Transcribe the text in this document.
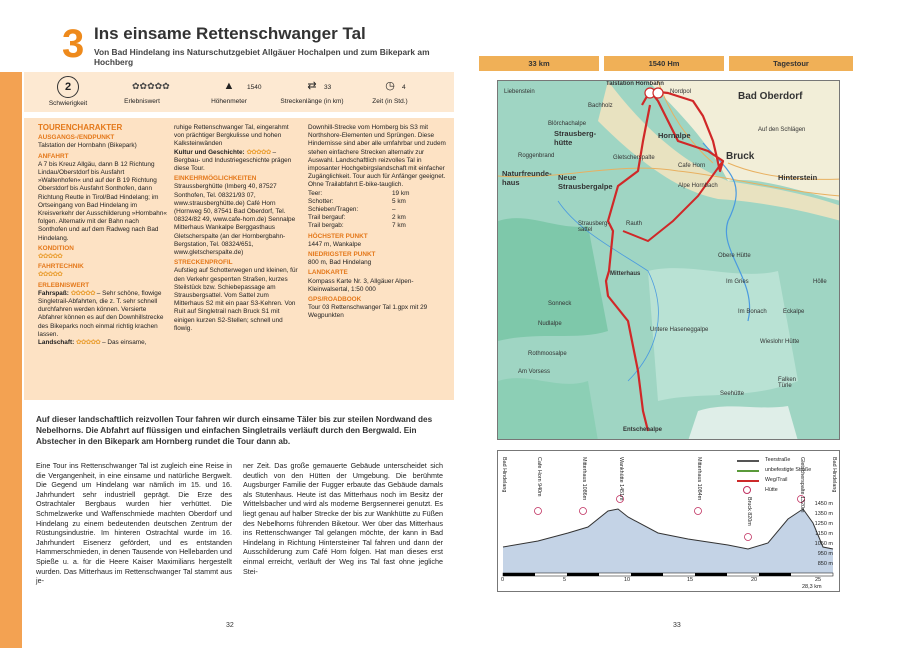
3 Ins einsame Rettenschwanger Tal
Von Bad Hindelang ins Naturschutzgebiet Allgäuer Hochalpen und zum Bikepark am Hochberg
2
Schwierigkeit
✿✿✿✿✿
Erlebniswert
▲	1540
Höhenmeter
⇄	33
Streckenlänge (in km)
◷	4
Zeit (in Std.)
TOURENCHARAKTER
AUSGANGS-/ENDPUNKT
Talstation der Hornbahn (Bikepark)
ANFAHRT
A 7 bis Kreuz Allgäu, dann B 12 Richtung Lindau/Oberstdorf bis Ausfahrt »Waltenhofen« und auf der B 19 Richtung Oberstdorf bis Ausfahrt Sonthofen, dann Richtung Reutte in Tirol/Bad Hindelang; im Ortseingang von Bad Hindelang im Kreisverkehr der Ausschilderung »Hornbahn« folgen. Alternativ mit der Bahn nach Sonthofen und auf dem Radweg nach Bad Hindelang.
KONDITION
✿✿✿✿✿
FAHRTECHNIK
✿✿✿✿✿
ERLEBNISWERT
Fahrspaß: ✿✿✿✿✿ – Sehr schöne, flowige Singletrail-Abfahrten, die z. T. sehr schnell durchfahren werden können. Versierte Abfahrer können es auf den Downhillstrecke des Bikeparks noch einmal richtig krachen lassen.
Landschaft: ✿✿✿✿✿ – Das einsame,
ruhige Rettenschwanger Tal, eingerahmt von prächtiger Bergkulisse und hohen Kalksteinwänden
Kultur und Geschichte: ✿✿✿✿✿ – Bergbau- und Industriegeschichte prägen diese Tour.
EINKEHRMÖGLICHKEITEN
Straussberghütte (Imberg 40, 87527 Sonthofen, Tel. 08321/93 07, www.strausberghütte.de) Café Horn (Hornweg 50, 87541 Bad Oberdorf, Tel. 08324/82 49, www.cafe-horn.de) Sennalpe Mitterhaus Wankalpe Berggasthaus Gletscherspalte (an der Hornbergbahn-Bergstation, Tel. 08324/651, www.gletscherspalte.de)
STRECKENPROFIL
Aufstieg auf Schotterwegen und kleinen, für den Verkehr gesperrten Straßen, kurzes Steilstück bzw. Schiebepassage am Strausbergsattel. Vom Sattel zum Mitterhaus S2 mit ein paar S3-Kehren. Von Ruit auf Singletrail nach Bruck S1 mit einigen kurzen S2-Stellen; schnell und flowig.
Downhill-Strecke vom Hornberg bis S3 mit Northshore-Elementen und Sprüngen. Diese Hindernisse sind aber alle umfahrbar und zudem stehen einfachere Strecken alternativ zur Auswahl. Landschaftlich reizvolles Tal in imposanter Hochgebirgslandschaft mit einfacher Zugänglichkeit. Tour auch für Anfänger geeignet. Ohne Trailabfahrt E-bike-tauglich.
Teer:	19 km
Schotter:	5 km
Schieben/Tragen:	–
Trail bergauf:	2 km
Trail bergab:	7 km
HÖCHSTER PUNKT
1447 m, Wankalpe
NIEDRIGSTER PUNKT
800 m, Bad Hindelang
LANDKARTE
Kompass Karte Nr. 3, Allgäuer Alpen-Kleinwalsertal, 1:50 000
GPS/ROADBOOK
Tour 03 Rettenschwanger Tal 1.gpx mit 29 Wegpunkten
Auf dieser landschaftlich reizvollen Tour fahren wir durch einsame Täler bis zur steilen Nordwand des Nebelhorns. Die Abfahrt auf flüssigen und einfachen Singletrails verläuft durch den Bergwald. Ein Abstecher in den Bikepark am Hornberg rundet die Tour dann ab.
Eine Tour ins Rettenschwanger Tal ist zugleich eine Reise in die Vergangenheit, in eine einsame und natürliche Bergwelt. Die Gegend um Hindelang war nämlich im 15. und 16. Jahrhundert sehr industriell geprägt. Die Erze des Ostrachtaler Bergbaus wurden hier verhüttet. Die Schmelzwerke und Waffenschmiede machten Oberdorf und Hindelang zu einem bedeutenden deutschen Zentrum der Rüstungsindustrie. Im hinteren Ostrachtal wurde im 16. Jahrhundert Eisenerz gefördert, und es entstanden Hammerschmieden, in denen Tausende von Hellebarden und Spieße u. a. für die Heere Kaiser Maximilians hergestellt wurden. Das Mitterhaus im Rettenschwanger Tal stammt aus je-
ner Zeit. Das große gemauerte Gebäude unterscheidet sich deutlich von den Hütten der Umgebung. Die berühmte Augsburger Familie der Fugger erbaute das Gebäude damals als Stutenhaus. Heute ist das Mitterhaus noch im Besitz der Wittelsbacher und wird als moderne Bergsennerei genutzt. Es liegt genau auf halber Strecke der bis zur Wankhütte zu Füßen des Nebelhorns führenden Biketour. Wer über das Mitterhaus ins Rettenschwanger Tal gelangen möchte, der kann in Bad Hindelang in Richtung Hintersteiner Tal fahren und dann der Ausschilderung zum Café Horn folgen. Hat man dieses erst einmal erreicht, verläuft der Weg ins Tal fast ohne jegliche Stei-
32	33
33 km	1540 Hm	Tagestour
Talstation Hornbahn
Nordpol	Bad Oberdorf
Liebenstein
Bachholz
Blörchachalpe
Strausberg-hütte
Hornalpe
Roggenbrand	Gletscherspalte
Cafe Horn
Bruck
Naturfreunde-haus
Neue Strausbergalpe	Alpe Hornbach
Hinterstein
Auf den Schlägen
Rauth
Strausberg-sattel
Mitterhaus
Obere Hütte
Hölle
Sonneck
Im Gries
Im Bonach	Eckalpe
Nudlalpe
Untere Haseneggalpe
Rothmoosalpe
Wieslohr Hütte
Am Vorsess
Falken Türle
Seehütte
Entschenalpe
Bad Hindelang	Cafe Horn 940m	Mitterhaus 1086m	Wankhütte 1451m	Mitterhaus 1084m
Bruck 820m	Gletscherspalte 1320m	Bad Hindelang
Teerstraße
unbefestigte Straße
Weg/Trail
Hütte
1450 m
1350 m
1250 m
1150 m
1050 m
950 m
850 m
0	5	10	15	20	25
28,3 km
